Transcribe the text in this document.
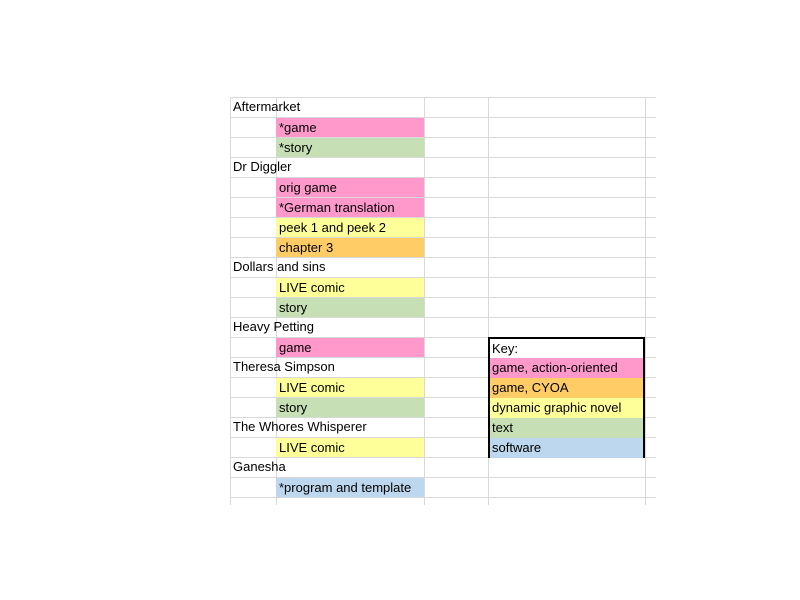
Aftermarket
*game
*story
Dr Diggler
orig game
*German translation
peek 1 and peek 2
chapter 3
Dollars and sins
LIVE comic
story
Heavy Petting
game
Theresa Simpson
LIVE comic
story
The Whores Whisperer
LIVE comic
Ganesha
*program and template
Key:
game, action-oriented
game, CYOA
dynamic graphic novel
text
software
